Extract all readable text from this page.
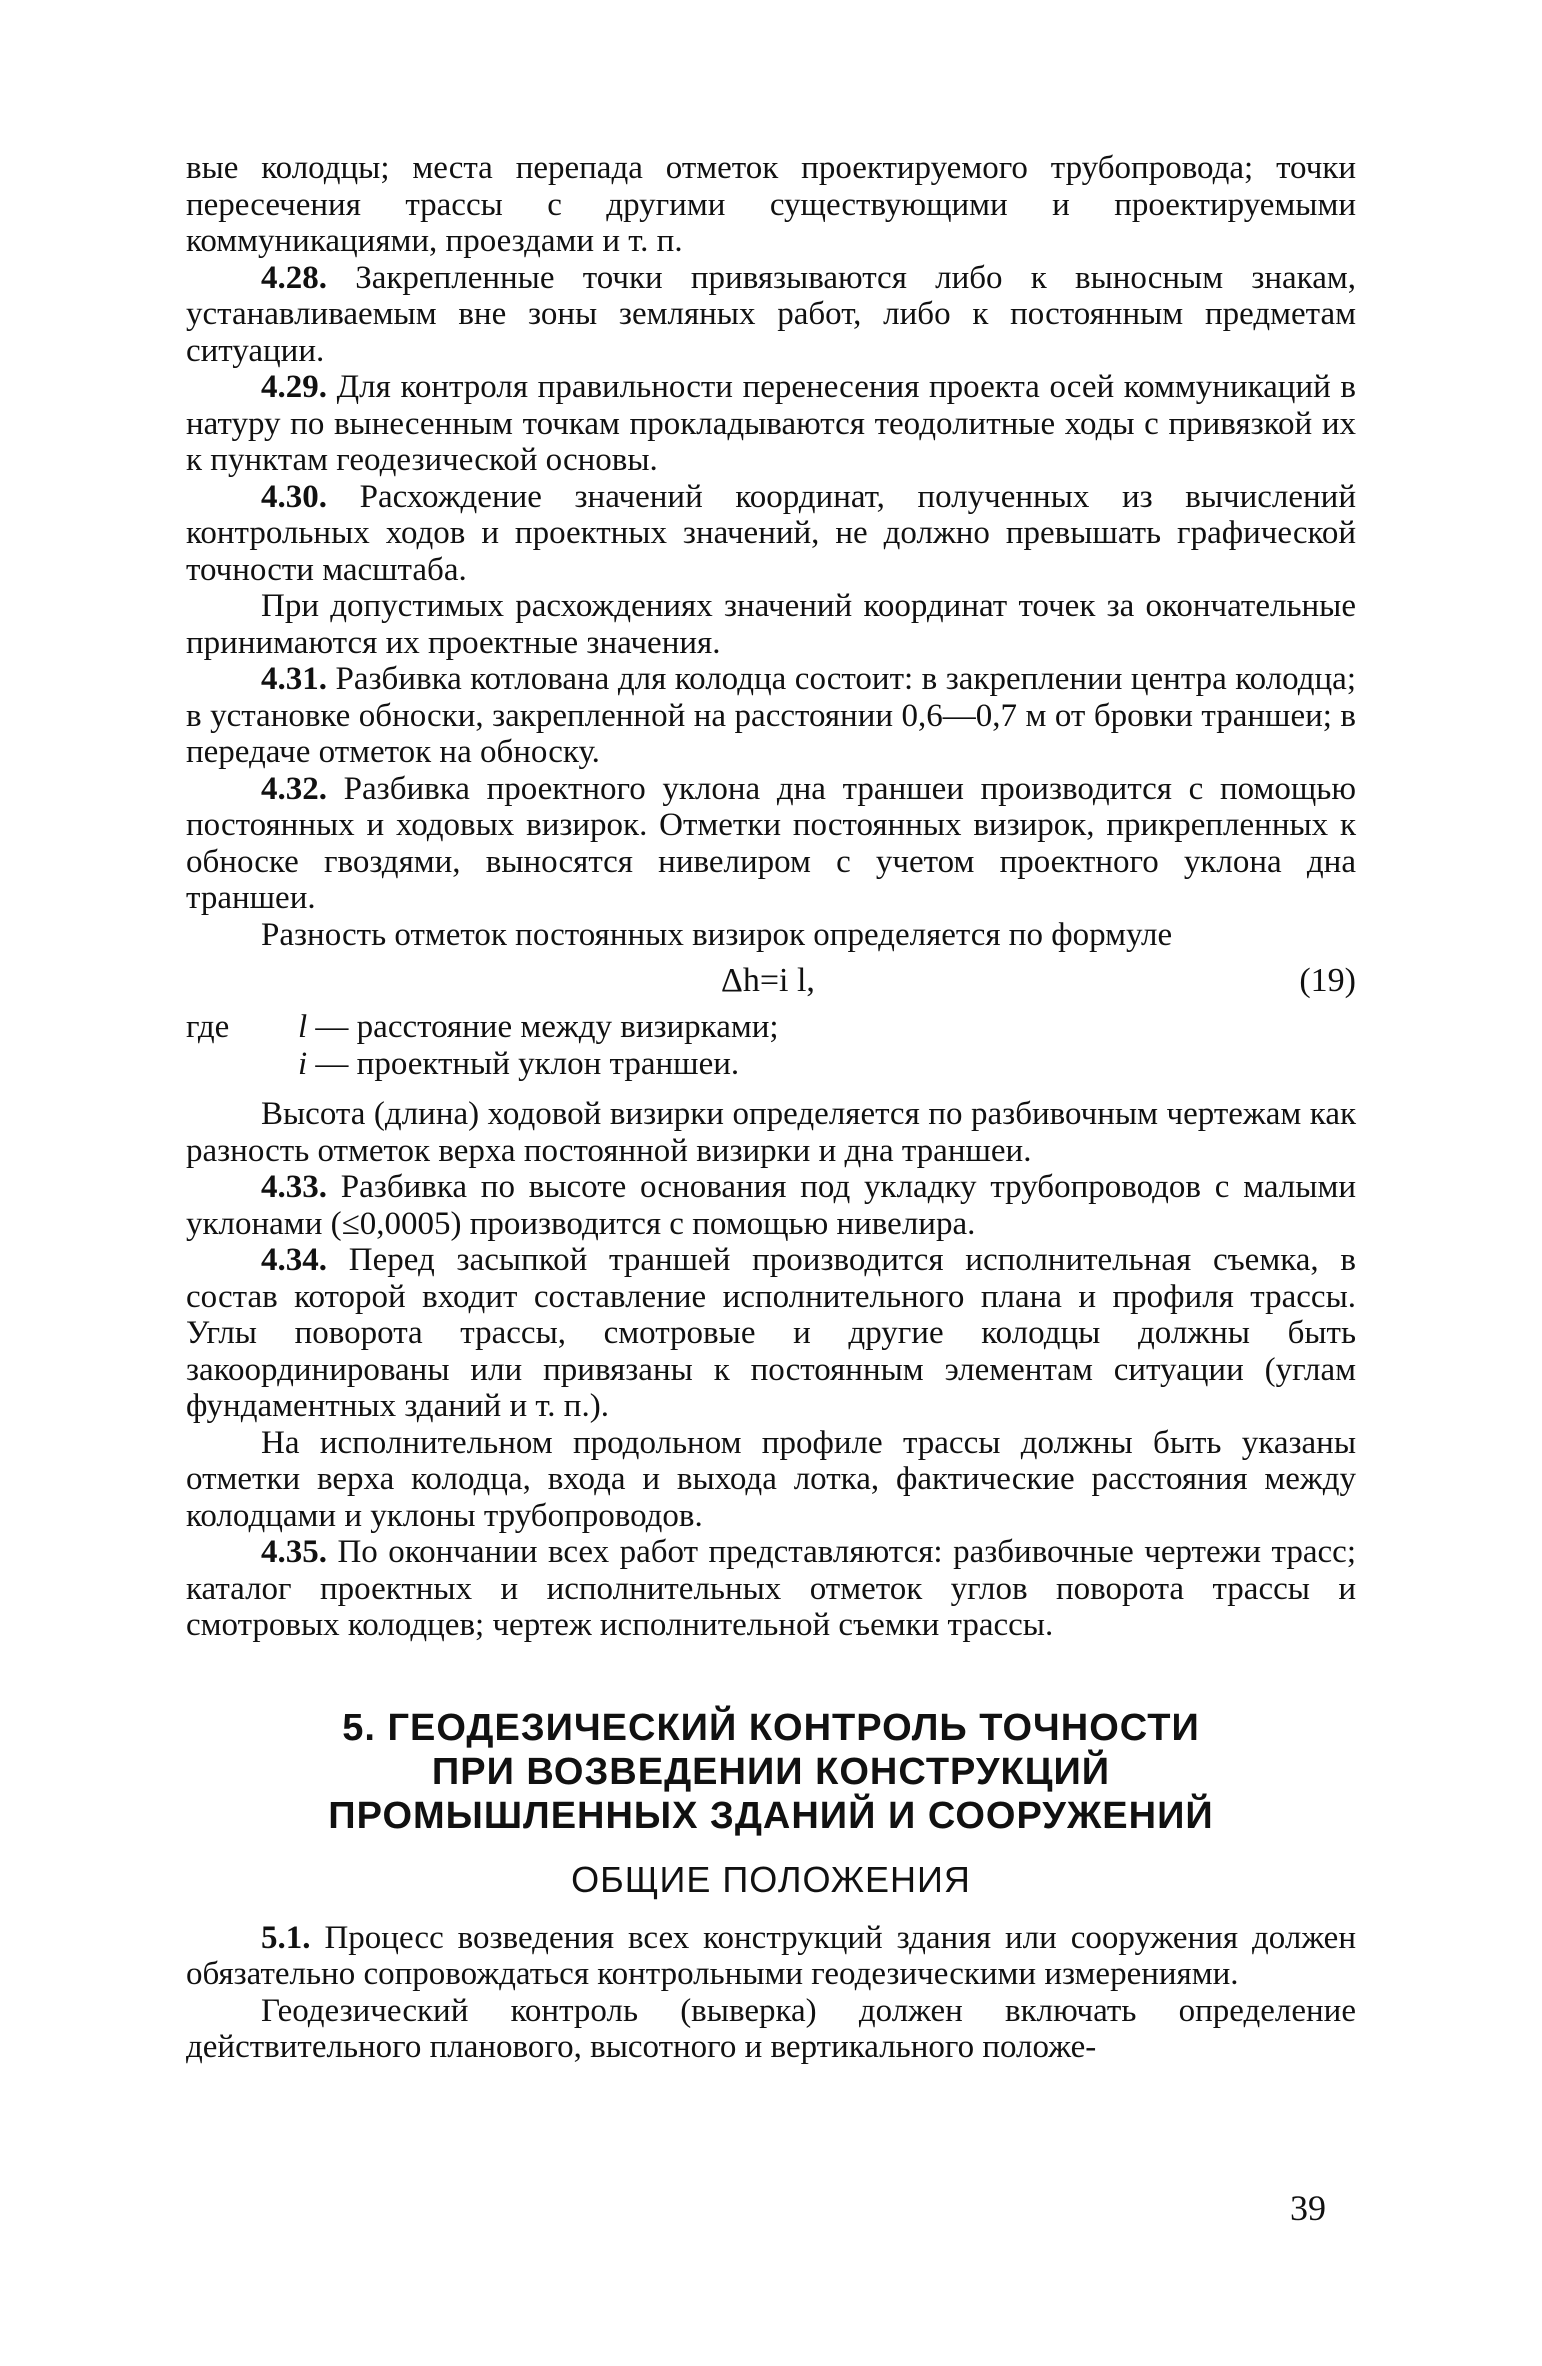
вые колодцы; места перепада отметок проектируемого трубопровода; точки пересечения трассы с другими существующими и проектируемыми коммуникациями, проездами и т. п.

4.28. Закрепленные точки привязываются либо к выносным знакам, устанавливаемым вне зоны земляных работ, либо к постоянным предметам ситуации.

4.29. Для контроля правильности перенесения проекта осей коммуникаций в натуру по вынесенным точкам прокладываются теодолитные ходы с привязкой их к пунктам геодезической основы.

4.30. Расхождение значений координат, полученных из вычислений контрольных ходов и проектных значений, не должно превышать графической точности масштаба.

При допустимых расхождениях значений координат точек за окончательные принимаются их проектные значения.

4.31. Разбивка котлована для колодца состоит: в закреплении центра колодца; в установке обноски, закрепленной на расстоянии 0,6—0,7 м от бровки траншеи; в передаче отметок на обноску.

4.32. Разбивка проектного уклона дна траншеи производится с помощью постоянных и ходовых визирок. Отметки постоянных визирок, прикрепленных к обноске гвоздями, выносятся нивелиром с учетом проектного уклона дна траншеи.

Разность отметок постоянных визирок определяется по формуле

Δh=i l,	(19)
где	l — расстояние между визирками;
i — проектный уклон траншеи.

Высота (длина) ходовой визирки определяется по разбивочным чертежам как разность отметок верха постоянной визирки и дна траншеи.

4.33. Разбивка по высоте основания под укладку трубопроводов с малыми уклонами (≤0,0005) производится с помощью нивелира.

4.34. Перед засыпкой траншей производится исполнительная съемка, в состав которой входит составление исполнительного плана и профиля трассы. Углы поворота трассы, смотровые и другие колодцы должны быть закоординированы или привязаны к постоянным элементам ситуации (углам фундаментных зданий и т. п.).

На исполнительном продольном профиле трассы должны быть указаны отметки верха колодца, входа и выхода лотка, фактические расстояния между колодцами и уклоны трубопроводов.

4.35. По окончании всех работ представляются: разбивочные чертежи трасс; каталог проектных и исполнительных отметок углов поворота трассы и смотровых колодцев; чертеж исполнительной съемки трассы.

5. ГЕОДЕЗИЧЕСКИЙ КОНТРОЛЬ ТОЧНОСТИ
ПРИ ВОЗВЕДЕНИИ КОНСТРУКЦИЙ
ПРОМЫШЛЕННЫХ ЗДАНИЙ И СООРУЖЕНИЙ
ОБЩИЕ ПОЛОЖЕНИЯ

5.1. Процесс возведения всех конструкций здания или сооружения должен обязательно сопровождаться контрольными геодезическими измерениями.

Геодезический контроль (выверка) должен включать определение действительного планового, высотного и вертикального положе-

39
